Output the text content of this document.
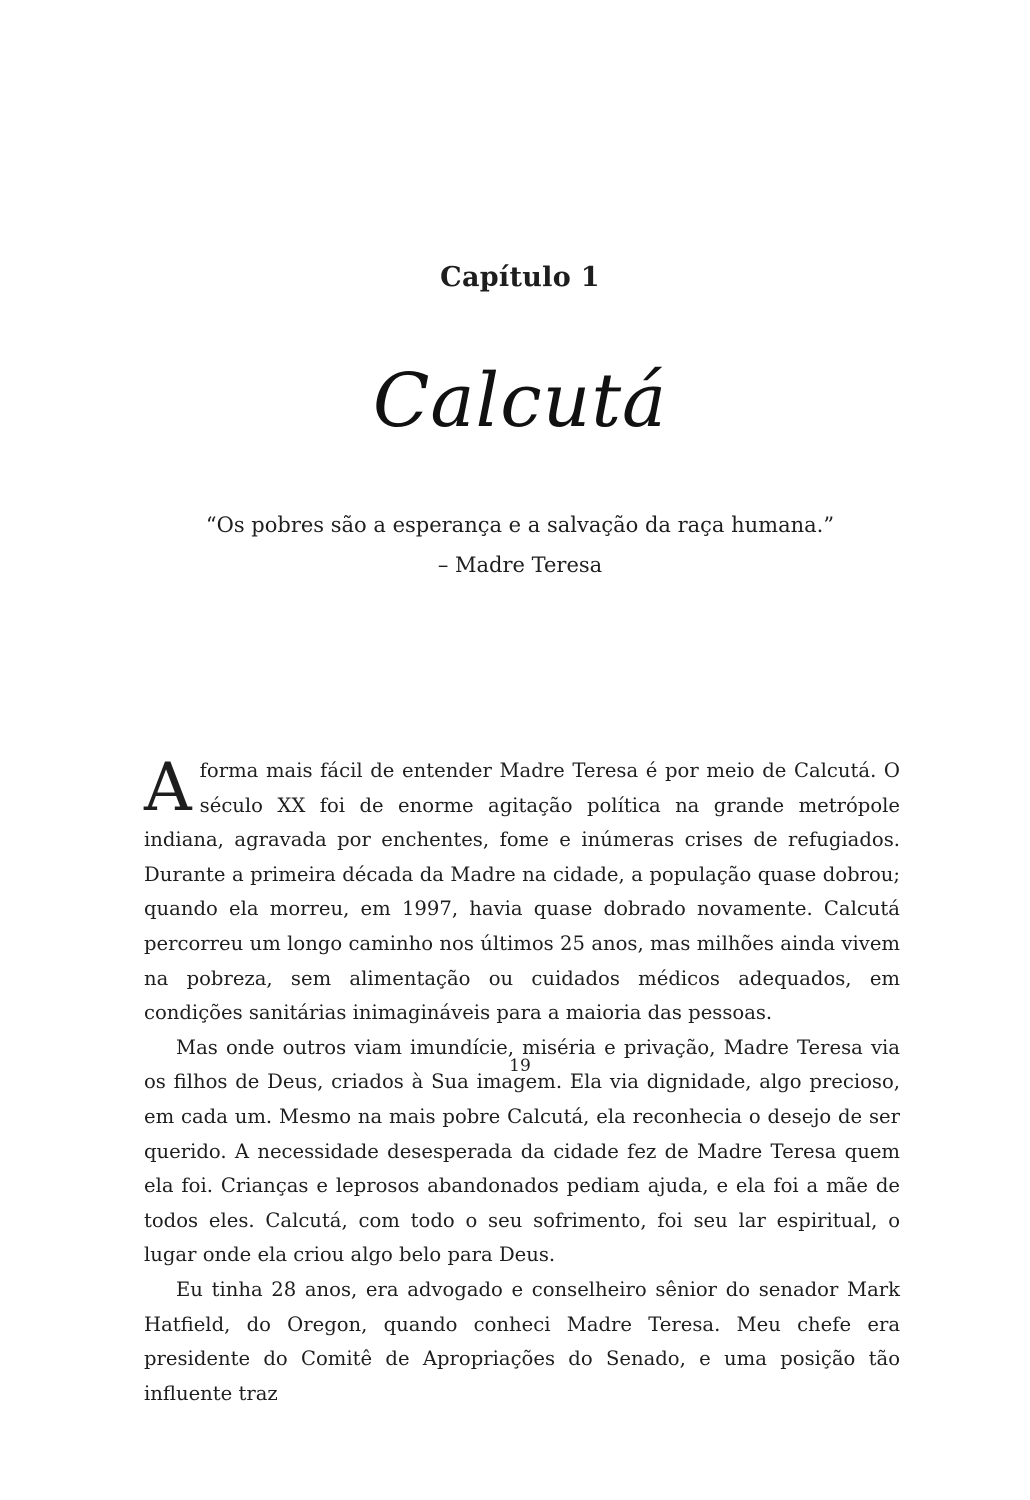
Capítulo 1
Calcutá

“Os pobres são a esperança e a salvação da raça humana.”

– Madre Teresa

A forma mais fácil de entender Madre Teresa é por meio de Calcutá. O século XX foi de enorme agitação política na grande metrópole indiana, agravada por enchentes, fome e inúmeras crises de refugiados. Durante a primeira década da Madre na cidade, a população quase dobrou; quando ela morreu, em 1997, havia quase dobrado novamente. Calcutá percorreu um longo caminho nos últimos 25 anos, mas milhões ainda vivem na pobreza, sem alimentação ou cuidados médicos adequados, em condições sanitárias inimagináveis para a maioria das pessoas.

Mas onde outros viam imundície, miséria e privação, Madre Teresa via os filhos de Deus, criados à Sua imagem. Ela via dignidade, algo precioso, em cada um. Mesmo na mais pobre Calcutá, ela reconhecia o desejo de ser querido. A necessidade desesperada da cidade fez de Madre Teresa quem ela foi. Crianças e leprosos abandonados pediam ajuda, e ela foi a mãe de todos eles. Calcutá, com todo o seu sofrimento, foi seu lar espiritual, o lugar onde ela criou algo belo para Deus.

Eu tinha 28 anos, era advogado e conselheiro sênior do senador Mark Hatfield, do Oregon, quando conheci Madre Teresa. Meu chefe era presidente do Comitê de Apropriações do Senado, e uma posição tão influente traz

19
